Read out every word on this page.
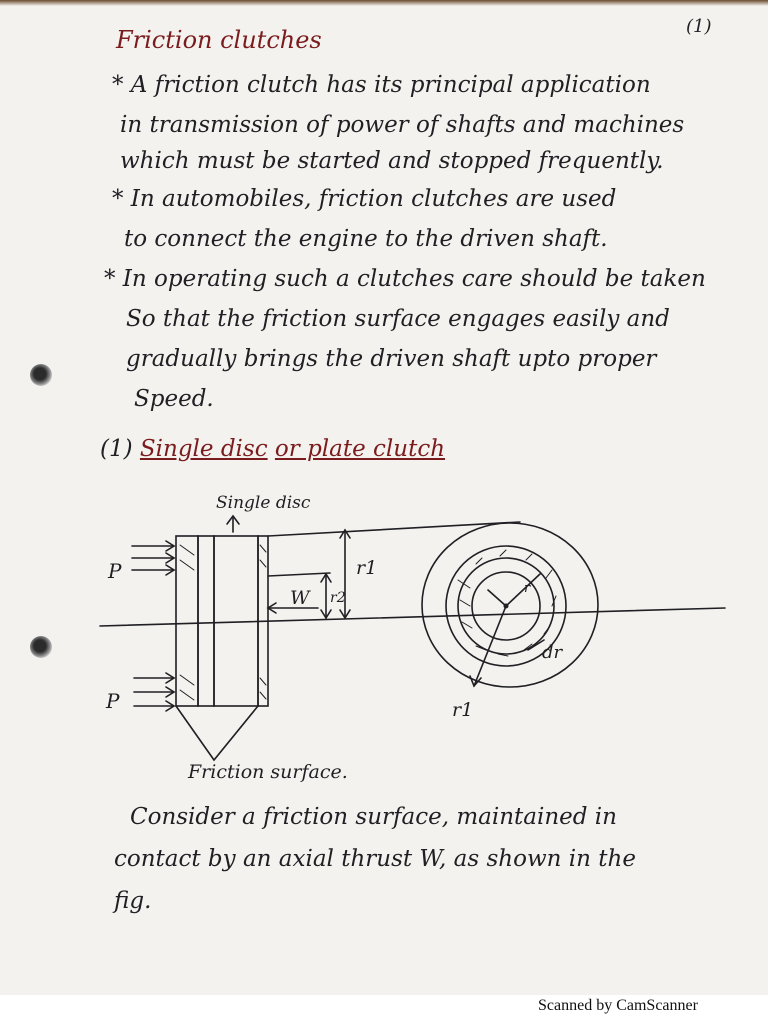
Friction clutches	(1)
* A friction clutch has its principal application
in transmission of power of shafts and machines
which must be started and stopped frequently.
* In automobiles, friction clutches are used
to connect the engine to the driven shaft.
* In operating such a clutches care should be taken
So that the friction surface engages easily and
gradually brings the driven shaft upto proper
Speed.
(1) Single disc or plate clutch
Single disc
P
P
W
r1
r2
r1
r
dr
Friction surface.
Consider a friction surface, maintained in
contact by an axial thrust W, as shown in the
fig.
Scanned by CamScanner
